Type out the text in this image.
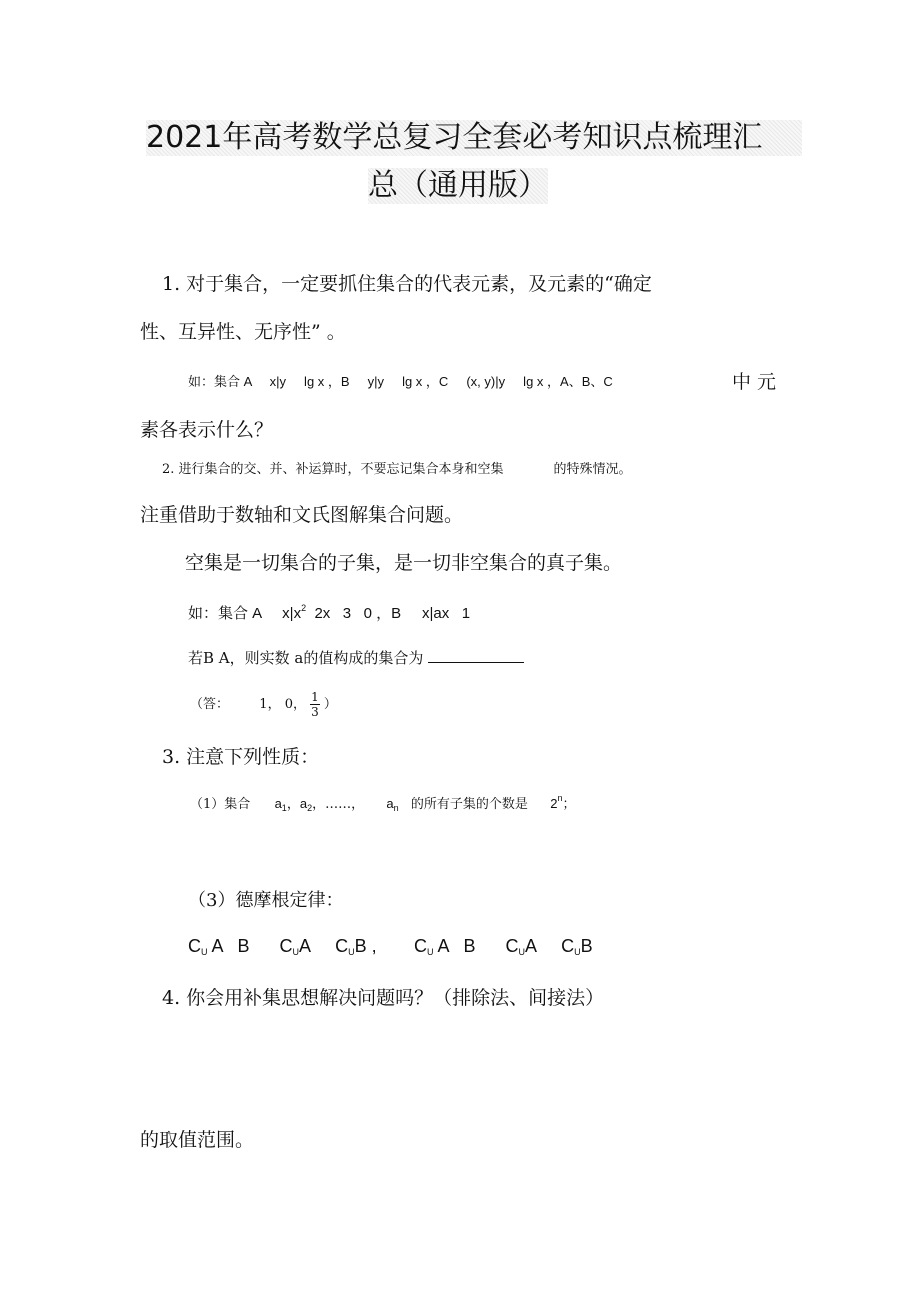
2021年高考数学总复习全套必考知识点梳理汇
总（通用版）
1. 对于集合，一定要抓住集合的代表元素，及元素的“确定
性、互异性、无序性” 。
如：集合 A     x|y     lg x ，B     y|y     lg x ，C     (x, y)|y     lg x ，A、B、C	中 元
素各表示什么？
2. 进行集合的交、并、补运算时，不要忘记集合本身和空集	的特殊情况。
注重借助于数轴和文氏图解集合问题。
空集是一切集合的子集，是一切非空集合的真子集。
如：集合 A     $x|x^2$  2x   3   0 ，B     x|ax   1
若B A，则实数 a的值构成的集合为
（答： 1， 0， $\frac{1}{3}$ ）
3. 注意下列性质：
（1）集合 $a_1$，$a_2$，……， $a_n$ 的所有子集的个数是 2$^n$；
（3）德摩根定律：
$C_U$ A   B $C_UA$ $C_UB$ , $C_U$ A   B $C_UA$ $C_UB$
4. 你会用补集思想解决问题吗？（排除法、间接法）
的取值范围。
